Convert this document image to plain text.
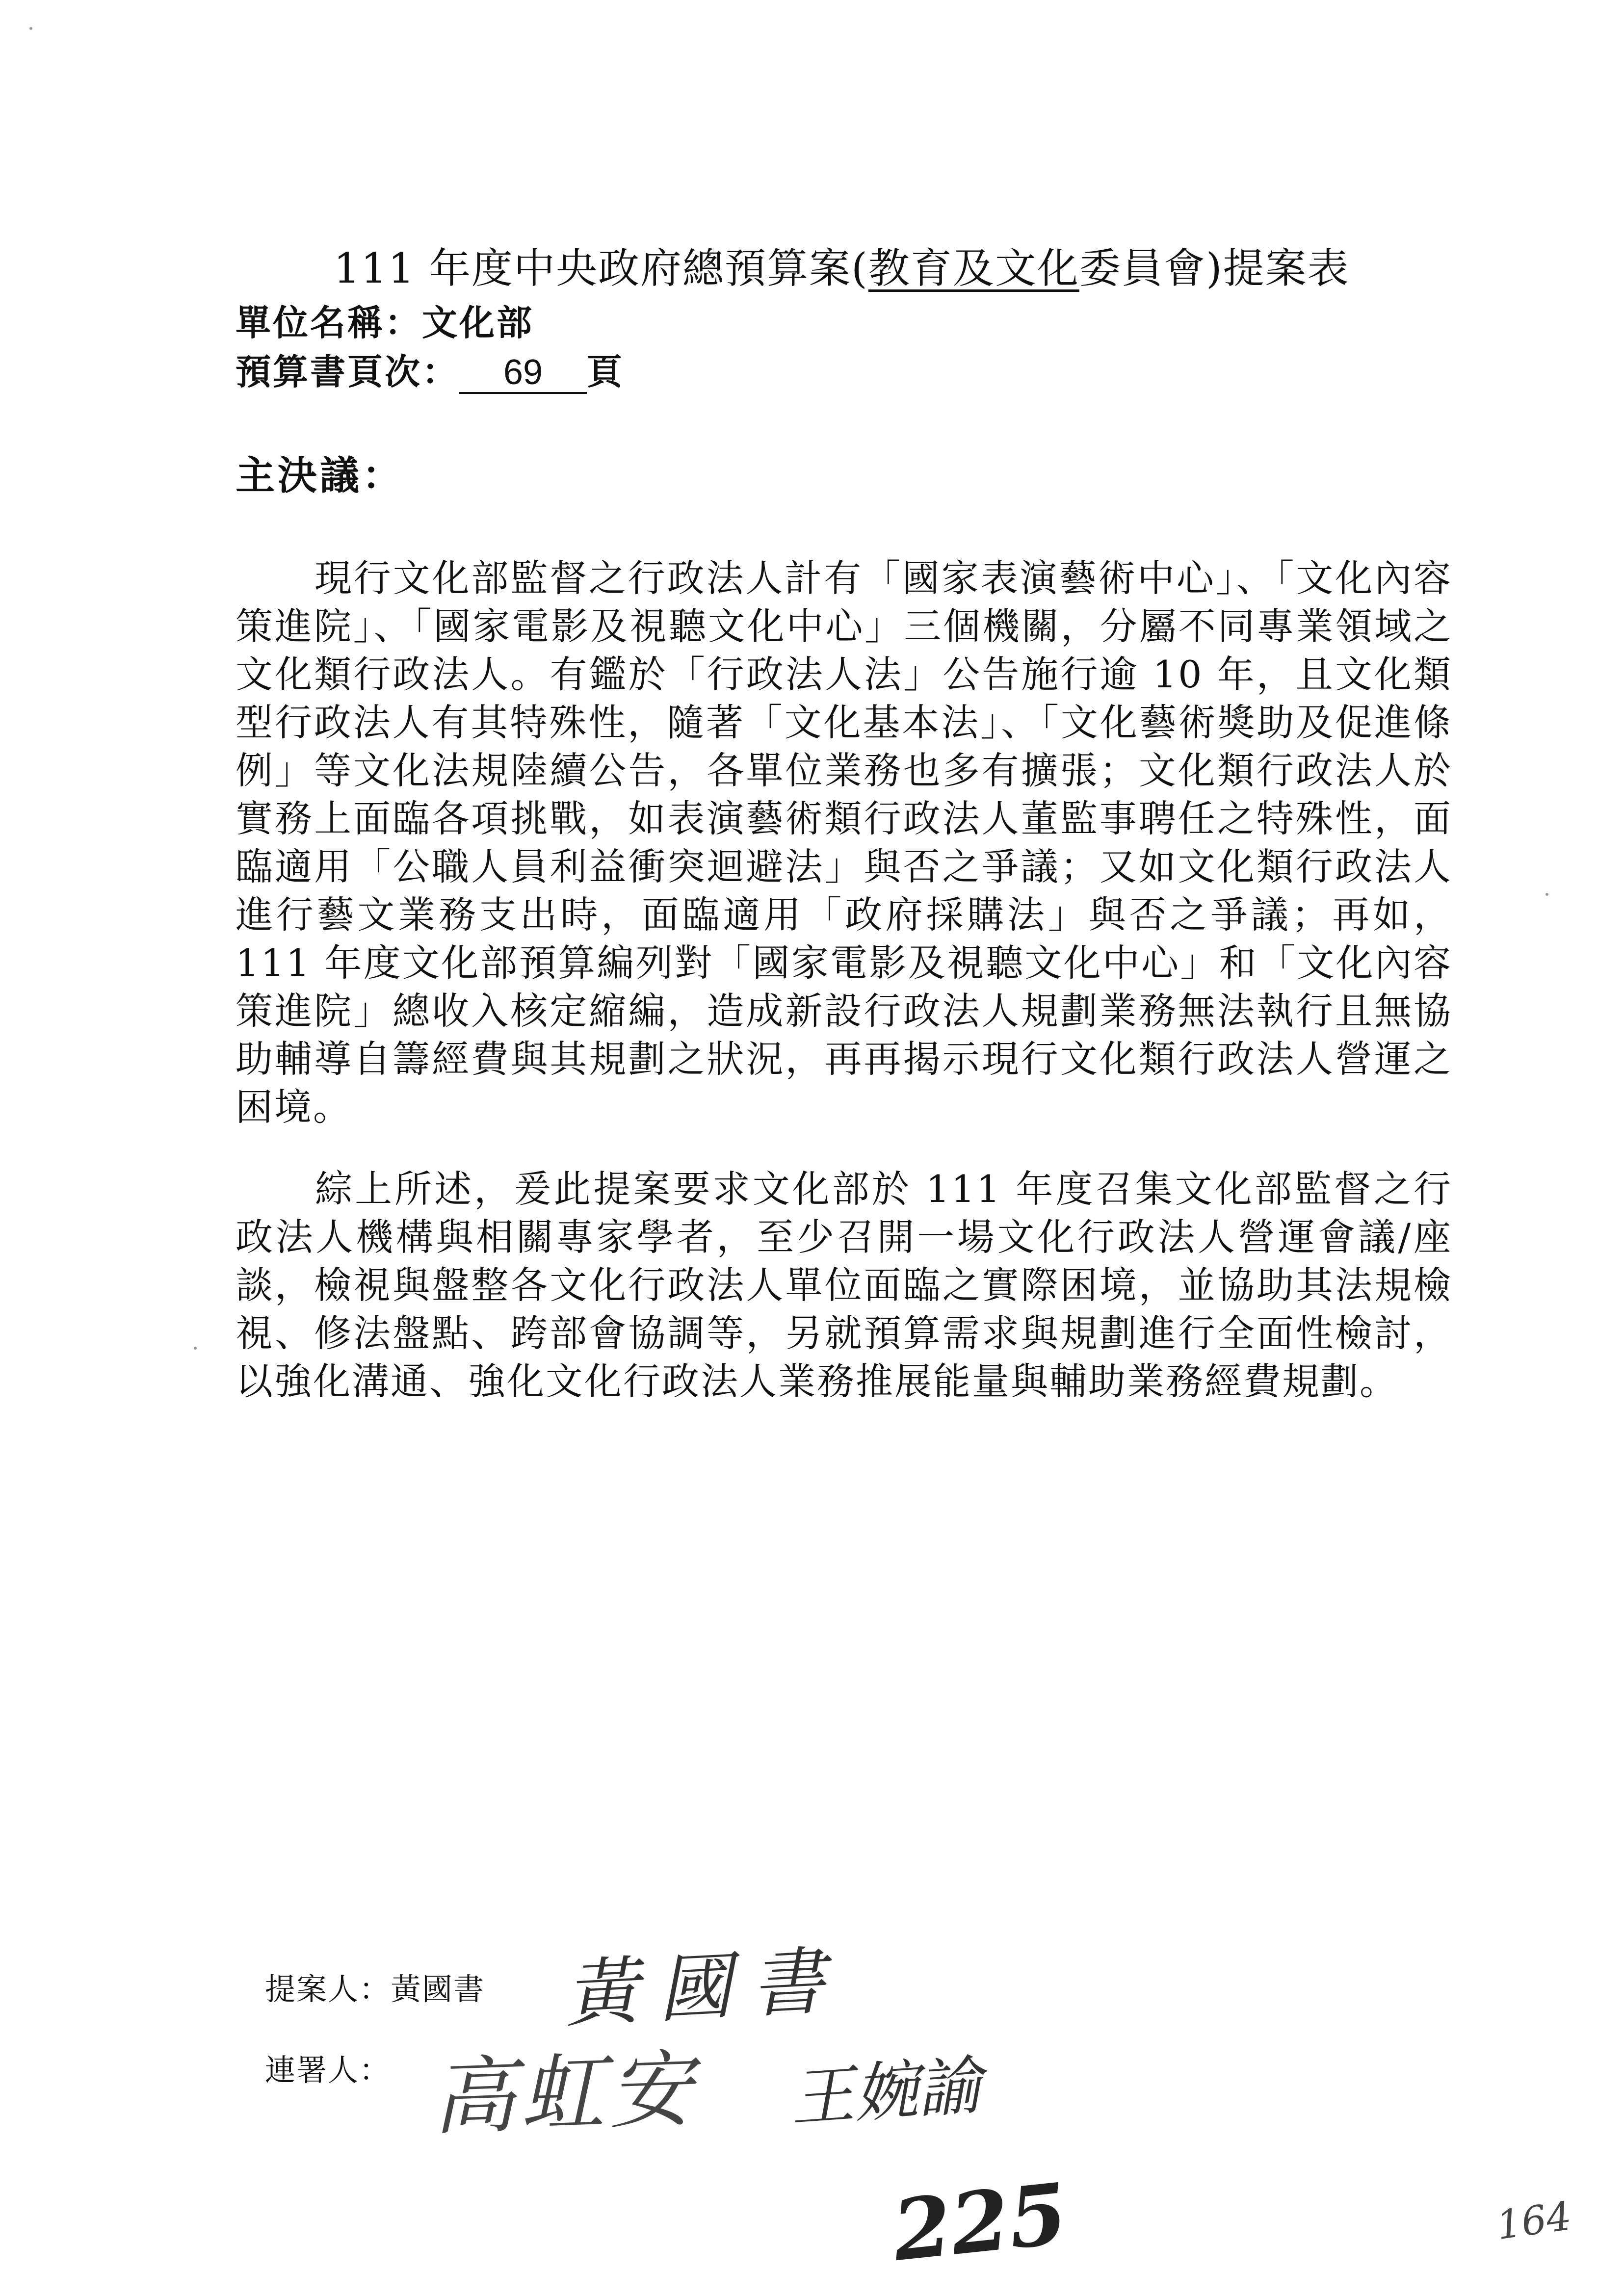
111 年度中央政府總預算案(教育及文化委員會)提案表
單位名稱：文化部
預算書頁次： 69 頁
主決議：
現行文化部監督之行政法人計有「國家表演藝術中心」、「文化內容策進院」、「國家電影及視聽文化中心」三個機關，分屬不同專業領域之文化類行政法人。有鑑於「行政法人法」公告施行逾 10 年，且文化類型行政法人有其特殊性，隨著「文化基本法」、「文化藝術獎助及促進條例」等文化法規陸續公告，各單位業務也多有擴張；文化類行政法人於實務上面臨各項挑戰，如表演藝術類行政法人董監事聘任之特殊性，面臨適用「公職人員利益衝突迴避法」與否之爭議；又如文化類行政法人進行藝文業務支出時，面臨適用「政府採購法」與否之爭議；再如，111 年度文化部預算編列對「國家電影及視聽文化中心」和「文化內容策進院」總收入核定縮編，造成新設行政法人規劃業務無法執行且無協助輔導自籌經費與其規劃之狀況，再再揭示現行文化類行政法人營運之困境。
綜上所述，爰此提案要求文化部於 111 年度召集文化部監督之行政法人機構與相關專家學者，至少召開一場文化行政法人營運會議/座談，檢視與盤整各文化行政法人單位面臨之實際困境，並協助其法規檢視、修法盤點、跨部會協調等，另就預算需求與規劃進行全面性檢討，以強化溝通、強化文化行政法人業務推展能量與輔助業務經費規劃。
提案人：黃國書 黃國書
連署人： 高虹安 王婉諭
225	164
